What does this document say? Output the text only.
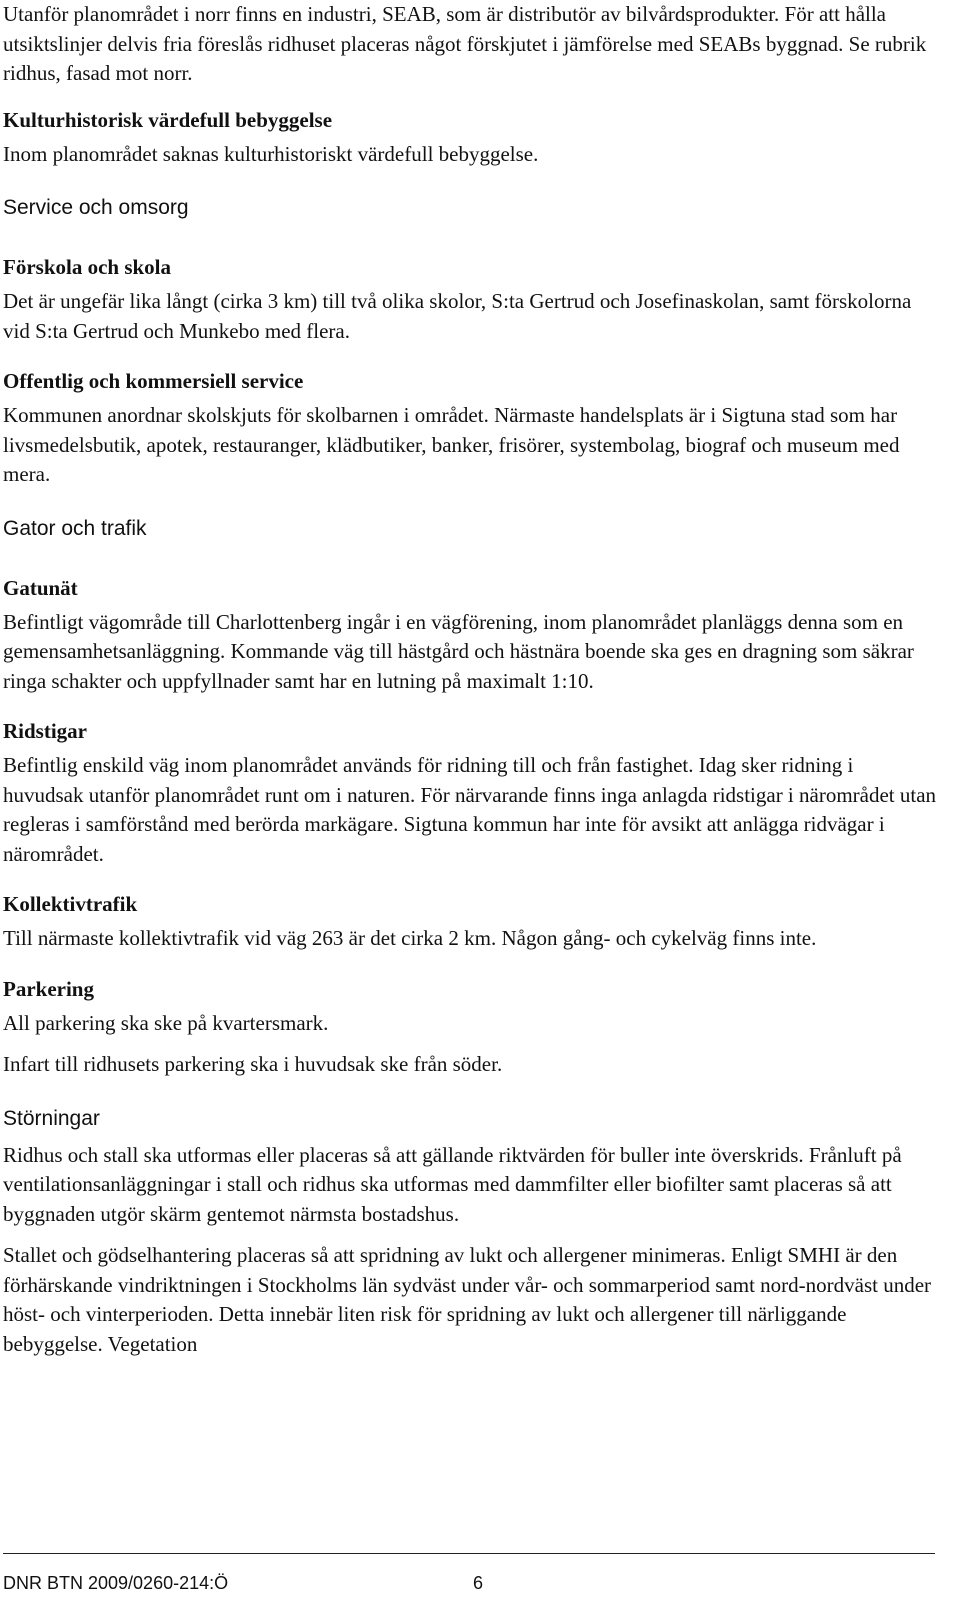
Utanför planområdet i norr finns en industri, SEAB, som är distributör av bilvårdsprodukter. För att hålla utsiktslinjer delvis fria föreslås ridhuset placeras något förskjutet i jämförelse med SEABs byggnad. Se rubrik ridhus, fasad mot norr.

Kulturhistorisk värdefull bebyggelse

Inom planområdet saknas kulturhistoriskt värdefull bebyggelse.

Service och omsorg
Förskola och skola

Det är ungefär lika långt (cirka 3 km) till två olika skolor, S:ta Gertrud och Josefinaskolan, samt förskolorna vid S:ta Gertrud och Munkebo med flera.

Offentlig och kommersiell service

Kommunen anordnar skolskjuts för skolbarnen i området. Närmaste handelsplats är i Sigtuna stad som har livsmedelsbutik, apotek, restauranger, klädbutiker, banker, frisörer, systembolag, biograf och museum med mera.

Gator och trafik
Gatunät

Befintligt vägområde till Charlottenberg ingår i en vägförening, inom planområdet planläggs denna som en gemensamhetsanläggning. Kommande väg till hästgård och hästnära boende ska ges en dragning som säkrar ringa schakter och uppfyllnader samt har en lutning på maximalt 1:10.

Ridstigar

Befintlig enskild väg inom planområdet används för ridning till och från fastighet. Idag sker ridning i huvudsak utanför planområdet runt om i naturen. För närvarande finns inga anlagda ridstigar i närområdet utan regleras i samförstånd med berörda markägare. Sigtuna kommun har inte för avsikt att anlägga ridvägar i närområdet.

Kollektivtrafik

Till närmaste kollektivtrafik vid väg 263 är det cirka 2 km. Någon gång- och cykelväg finns inte.

Parkering

All parkering ska ske på kvartersmark.

Infart till ridhusets parkering ska i huvudsak ske från söder.

Störningar

Ridhus och stall ska utformas eller placeras så att gällande riktvärden för buller inte överskrids. Frånluft på ventilationsanläggningar i stall och ridhus ska utformas med dammfilter eller biofilter samt placeras så att byggnaden utgör skärm gentemot närmsta bostadshus.

Stallet och gödselhantering placeras så att spridning av lukt och allergener minimeras. Enligt SMHI är den förhärskande vindriktningen i Stockholms län sydväst under vår- och sommarperiod samt nord-nordväst under höst- och vinterperioden. Detta innebär liten risk för spridning av lukt och allergener till närliggande bebyggelse. Vegetation

DNR BTN 2009/0260-214:Ö	6
